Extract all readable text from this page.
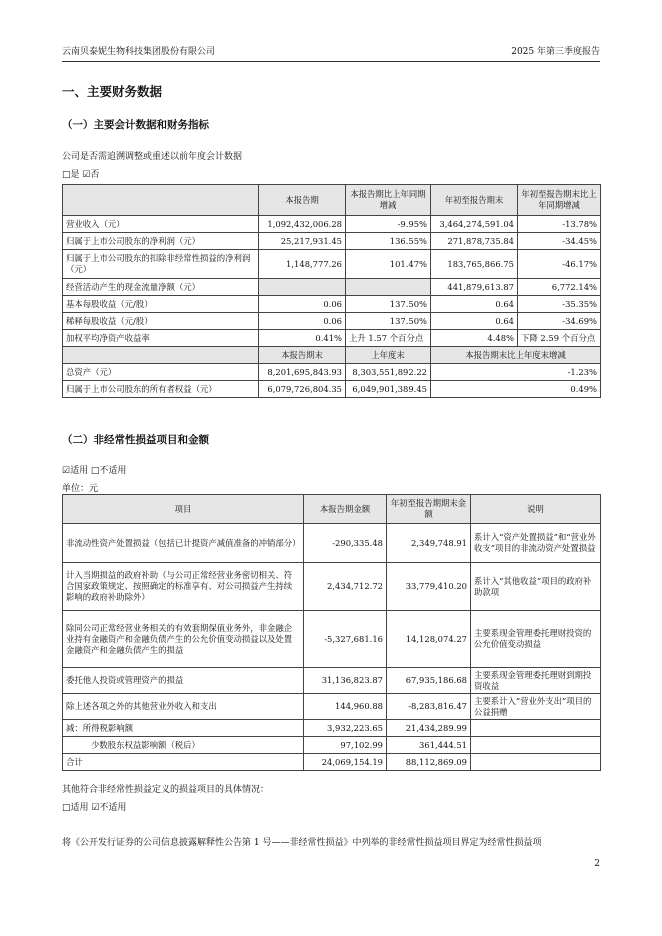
云南贝泰妮生物科技集团股份有限公司	2025 年第三季度报告
一、主要财务数据
（一）主要会计数据和财务指标
公司是否需追溯调整或重述以前年度会计数据
□是 ☑否
	本报告期	本报告期比上年同期增减	年初至报告期末	年初至报告期末比上年同期增减
营业收入（元）	1,092,432,006.28	-9.95%	3,464,274,591.04	-13.78%
归属于上市公司股东的净利润（元）	25,217,931.45	136.55%	271,878,735.84	-34.45%
归属于上市公司股东的扣除非经常性损益的净利润（元）	1,148,777.26	101.47%	183,765,866.75	-46.17%
经营活动产生的现金流量净额（元）			441,879,613.87	6,772.14%
基本每股收益（元/股）	0.06	137.50%	0.64	-35.35%
稀释每股收益（元/股）	0.06	137.50%	0.64	-34.69%
加权平均净资产收益率	0.41%	上升 1.57 个百分点	4.48%	下降 2.59 个百分点
	本报告期末	上年度末	本报告期末比上年度末增减	
总资产（元）	8,201,695,843.93	8,303,551,892.22	-1.23%	
归属于上市公司股东的所有者权益（元）	6,079,726,804.35	6,049,901,389.45	0.49%	
（二）非经常性损益项目和金额
☑适用 □不适用
单位：元
项目	本报告期金额	年初至报告期期末金额	说明
非流动性资产处置损益（包括已计提资产减值准备的冲销部分）	-290,335.48	2,349,748.91	系计入“资产处置损益”和“营业外收支”项目的非流动资产处置损益
计入当期损益的政府补助（与公司正常经营业务密切相关、符合国家政策规定、按照确定的标准享有、对公司损益产生持续影响的政府补助除外）	2,434,712.72	33,779,410.20	系计入“其他收益”项目的政府补助款项
除同公司正常经营业务相关的有效套期保值业务外，非金融企业持有金融资产和金融负债产生的公允价值变动损益以及处置金融资产和金融负债产生的损益	-5,327,681.16	14,128,074.27	主要系现金管理委托理财投资的公允价值变动损益
委托他人投资或管理资产的损益	31,136,823.87	67,935,186.68	主要系现金管理委托理财到期投资收益
除上述各项之外的其他营业外收入和支出	144,960.88	-8,283,816.47	主要系计入“营业外支出”项目的公益捐赠
减：所得税影响额	3,932,223.65	21,434,289.99	
少数股东权益影响额（税后）	97,102.99	361,444.51	
合计	24,069,154.19	88,112,869.09	
其他符合非经常性损益定义的损益项目的具体情况：
□适用 ☑不适用
将《公开发行证券的公司信息披露解释性公告第 1 号——非经常性损益》中列举的非经常性损益项目界定为经常性损益项
2
